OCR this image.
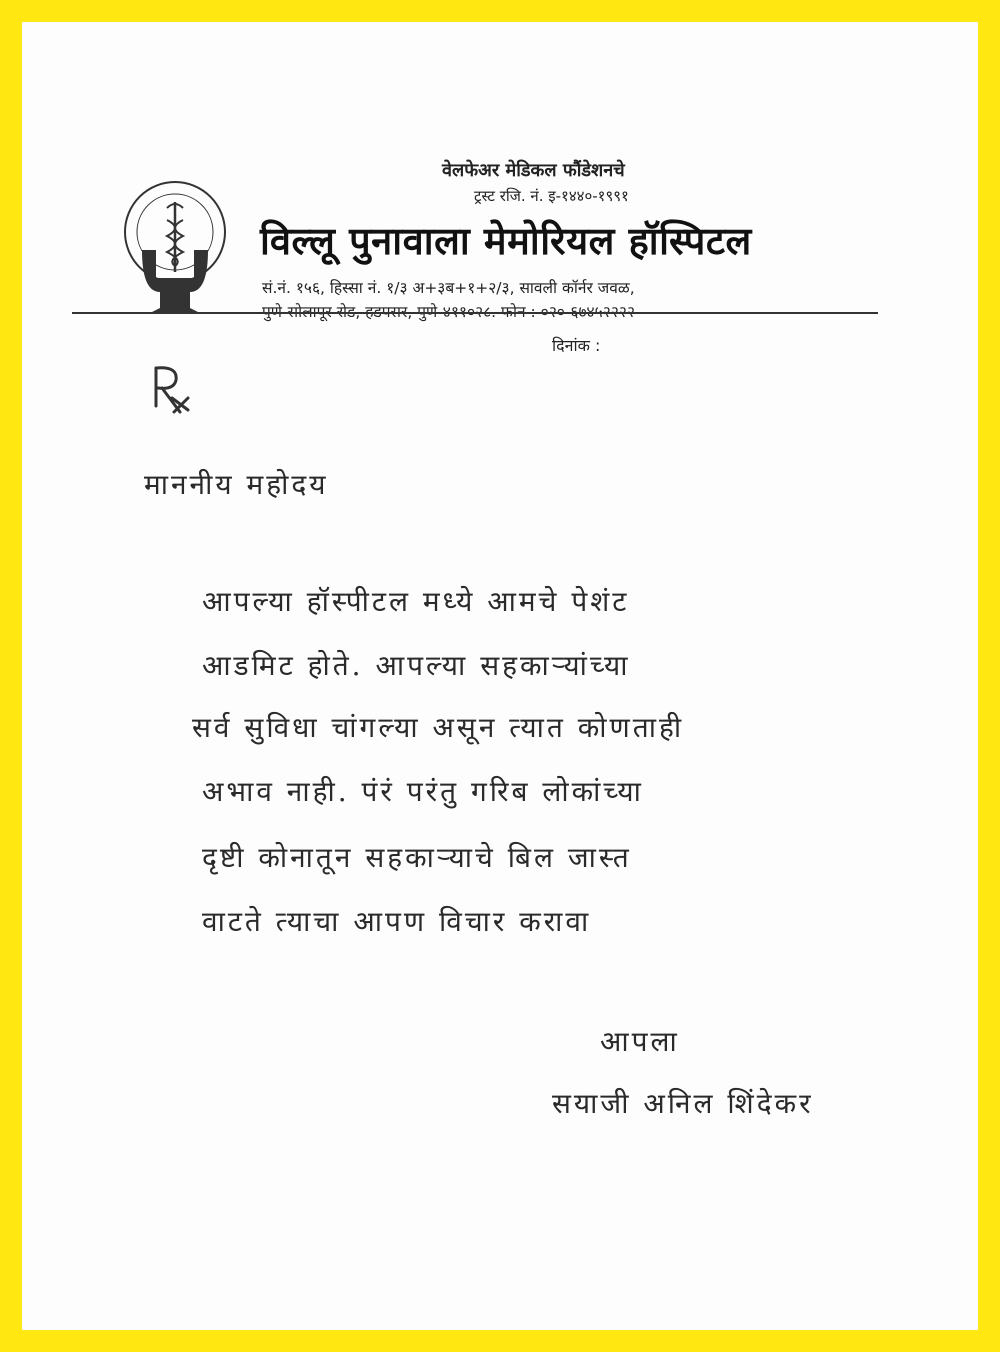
वेलफेअर मेडिकल फौंडेशनचे
ट्रस्ट रजि. नं. इ-१४४०-१९९१
विल्लू पुनावाला मेमोरियल हॉस्पिटल
सं.नं. १५६, हिस्सा नं. १/३ अ+३ब+१+२/३, सावली कॉर्नर जवळ,
पुणे-सोलापूर रोड, हडपसर, पुणे-४११०२८. फोन : ०२०-६७४५२२२२
दिनांक :
माननीय महोदय
आपल्या हॉस्पीटल मध्ये आमचे पेशंट
आडमिट होते. आपल्या सहकाऱ्यांच्या
सर्व सुविधा चांगल्या असून त्यात कोणताही
अभाव नाही. पंरं परंतु गरिब लोकांच्या
दृष्टी कोनातून सहकाऱ्याचे बिल जास्त
वाटते त्याचा आपण विचार करावा
आपला
सयाजी अनिल शिंदेकर
